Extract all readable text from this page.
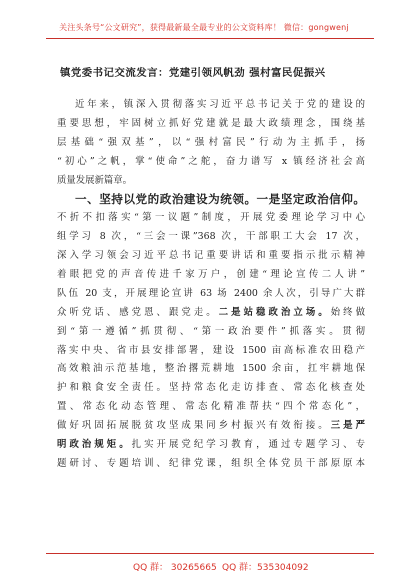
关注头条号“公文研究”，获得最新最全最专业的公文资料库！ 微信：gongwenj
镇党委书记交流发言：党建引领风帆劲 强村富民促振兴
近年来，镇深入贯彻落实习近平总书记关于党的建设的
重要思想，牢固树立抓好党建就是最大政绩理念，围绕基
层基础“强双基”，以“强村富民”行动为主抓手，扬
“初心”之帆，掌“使命”之舵，奋力谱写 x 镇经济社会高
质量发展新篇章。
一、坚持以党的政治建设为统领。一是坚定政治信仰。
不折不扣落实“第一议题”制度，开展党委理论学习中心
组学习 8 次，“三会一课”368 次，干部职工大会 17 次，
深入学习领会习近平总书记重要讲话和重要指示批示精神
着眼把党的声音传进千家万户，创建“理论宣传二人讲”
队伍 20 支，开展理论宣讲 63 场 2400 余人次，引导广大群
众听党话、感党恩、跟党走。二是站稳政治立场。始终做
到“第一遵循”抓贯彻、“第一政治要件”抓落实。贯彻
落实中央、省市县安排部署，建设 1500 亩高标准农田稳产
高效粮油示范基地，整治撂荒耕地 1500 余亩，扛牢耕地保
护和粮食安全责任。坚持常态化走访排查、常态化核查处
置、常态化动态管理、常态化精准帮扶“四个常态化”，
做好巩固拓展脱贫攻坚成果同乡村振兴有效衔接。三是严
明政治规矩。扎实开展党纪学习教育，通过专题学习、专
题研讨、专题培训、纪律党课，组织全体党员干部原原本
QQ 群： 30265665 QQ 群：535304092
